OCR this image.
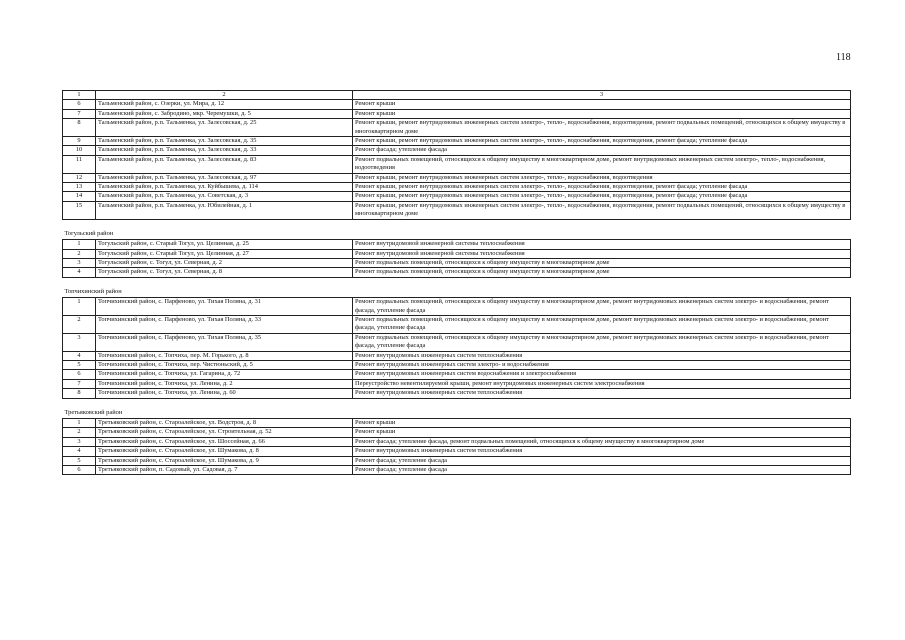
118
1	2	3
6	Тальменский район, с. Озерки, ул. Мира, д. 12	Ремонт крыши
7	Тальменский район, с. Забродино, мкр. Черемушки, д. 5	Ремонт крыши
8	Тальменский район, р.п. Тальменка, ул. Залесовская, д. 25	Ремонт крыши, ремонт внутридомовых инженерных систем электро-, тепло-, водоснабжения, водоотведения, ремонт подвальных помещений, относящихся к общему имуществу в многоквартирном доме
9	Тальменский район, р.п. Тальменка, ул. Залесовская, д. 35	Ремонт крыши, ремонт внутридомовых инженерных систем электро-, тепло-, водоснабжения, водоотведения, ремонт фасада; утепление фасада
10	Тальменский район, р.п. Тальменка, ул. Залесовская, д. 33	Ремонт фасада; утепление фасада
11	Тальменский район, р.п. Тальменка, ул. Залесовская, д. 83	Ремонт подвальных помещений, относящихся к общему имуществу в многоквартирном доме, ремонт внутридомовых инженерных систем электро-, тепло-, водоснабжения, водоотведения
12	Тальменский район, р.п. Тальменка, ул. Залесовская, д. 97	Ремонт крыши, ремонт внутридомовых инженерных систем электро-, тепло-, водоснабжения, водоотведения
13	Тальменский район, р.п. Тальменка, ул. Куйбышева, д. 114	Ремонт крыши, ремонт внутридомовых инженерных систем электро-, тепло-, водоснабжения, водоотведения, ремонт фасада; утепление фасада
14	Тальменский район, р.п. Тальменка, ул. Советская, д. 3	Ремонт крыши, ремонт внутридомовых инженерных систем электро-, тепло-, водоснабжения, водоотведения, ремонт фасада; утепление фасада
15	Тальменский район, р.п. Тальменка, ул. Юбилейная, д. 1	Ремонт крыши, ремонт внутридомовых инженерных систем электро-, тепло-, водоснабжения, водоотведения, ремонт подвальных помещений, относящихся к общему имуществу в многоквартирном доме
Тогульский район		
1	Тогульский район, с. Старый Тогул, ул. Целинная, д. 25	Ремонт внутридомовой инженерной системы теплоснабжения
2	Тогульский район, с. Старый Тогул, ул. Целинная, д. 27	Ремонт внутридомовой инженерной системы теплоснабжения
3	Тогульский район, с. Тогул, ул. Северная, д. 2	Ремонт подвальных помещений, относящихся к общему имуществу в многоквартирном доме
4	Тогульский район, с. Тогул, ул. Северная, д. 8	Ремонт подвальных помещений, относящихся к общему имуществу в многоквартирном доме
Топчихинский район		
1	Топчихинский район, с. Парфеново, ул. Тихая Поляна, д. 31	Ремонт подвальных помещений, относящихся к общему имуществу в многоквартирном доме, ремонт внутридомовых инженерных систем электро- и водоснабжения, ремонт фасада, утепление фасада
2	Топчихинский район, с. Парфеново, ул. Тихая Поляна, д. 33	Ремонт подвальных помещений, относящихся к общему имуществу в многоквартирном доме, ремонт внутридомовых инженерных систем электро- и водоснабжения, ремонт фасада, утепление фасада
3	Топчихинский район, с. Парфеново, ул. Тихая Поляна, д. 35	Ремонт подвальных помещений, относящихся к общему имуществу в многоквартирном доме, ремонт внутридомовых инженерных систем электро- и водоснабжения, ремонт фасада, утепление фасада
4	Топчихинский район, с. Топчиха, пер. М. Горького, д. 8	Ремонт внутридомовых инженерных систем теплоснабжения
5	Топчихинский район, с. Топчиха, пер. Чистюньский, д. 5	Ремонт внутридомовых инженерных систем электро- и водоснабжения
6	Топчихинский район, с. Топчиха, ул. Гагарина, д. 72	Ремонт внутридомовых инженерных систем водоснабжения и электроснабжения
7	Топчихинский район, с. Топчиха, ул. Ленина, д. 2	Переустройство невентилируемой крыши, ремонт внутридомовых инженерных систем электроснабжения
8	Топчихинский район, с. Топчиха, ул. Ленина, д. 60	Ремонт внутридомовых инженерных систем теплоснабжения
Третьяковский район		
1	Третьяковский район, с. Староалейское, ул. Водстроя, д. 8	Ремонт крыши
2	Третьяковский район, с. Староалейское, ул. Строительная, д. 52	Ремонт крыши
3	Третьяковский район, с. Староалейское, ул. Шоссейная, д. 66	Ремонт фасада; утепление фасада, ремонт подвальных помещений, относящихся к общему имуществу в многоквартирном доме
4	Третьяковский район, с. Староалейское, ул. Шумакова, д. 8	Ремонт внутридомовых инженерных систем теплоснабжения
5	Третьяковский район, с. Староалейское, ул. Шумакова, д. 9	Ремонт фасада; утепление фасада
6	Третьяковский район, п. Садовый, ул. Садовая, д. 7	Ремонт фасада; утепление фасада
